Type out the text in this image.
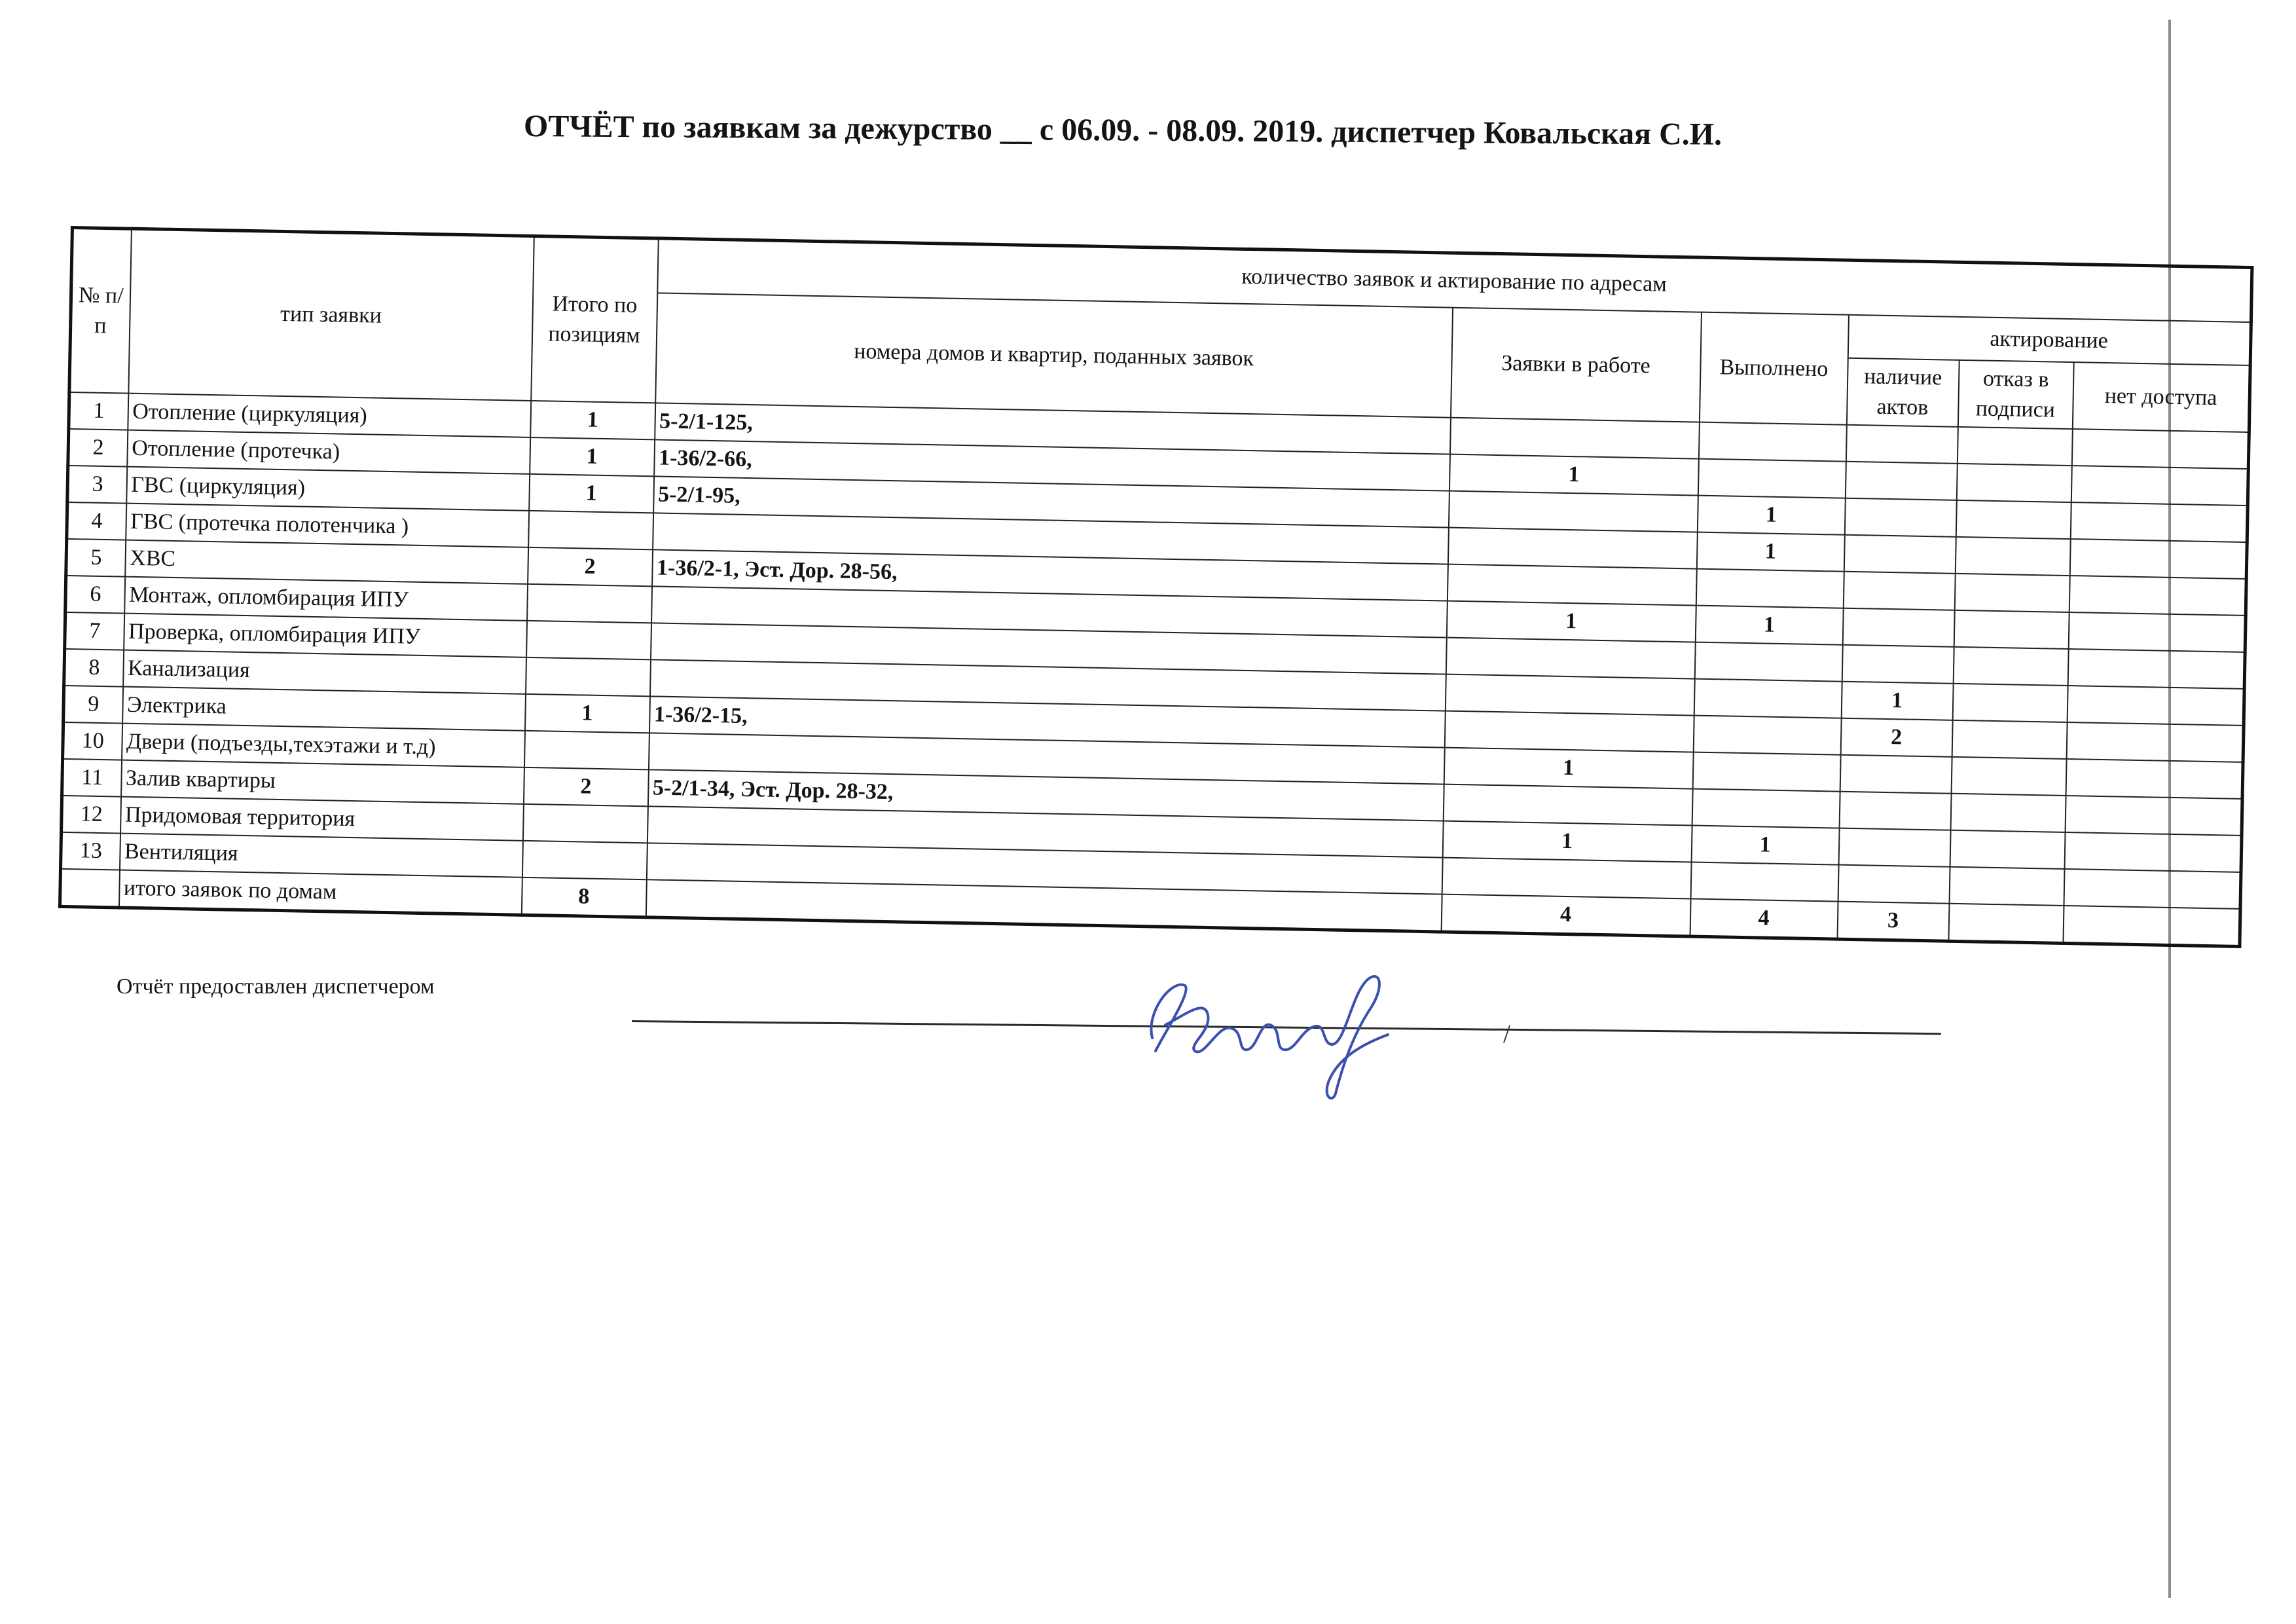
ОТЧЁТ по заявкам за дежурство __ с 06.09. - 08.09. 2019. диспетчер Ковальская С.И.
№ п/п	тип заявки	Итого по позициям	количество заявок и актирование по адресам					
			номера домов и квартир, поданных заявок	Заявки в работе	Выполнено	актирование		
						наличие актов	отказ в подписи	нет доступа
1	Отопление (циркуляция)	1	5-2/1-125,					
2	Отопление (протечка)	1	1-36/2-66,	1				
3	ГВС (циркуляция)	1	5-2/1-95,		1			
4	ГВС (протечка полотенчика )				1			
5	ХВС	2	1-36/2-1, Эст. Дор. 28-56,					
6	Монтаж, опломбирация ИПУ			1	1			
7	Проверка, опломбирация ИПУ							
8	Канализация					1		
9	Электрика	1	1-36/2-15,			2		
10	Двери (подъезды,техэтажи и т.д)			1				
11	Залив квартиры	2	5-2/1-34, Эст. Дор. 28-32,					
12	Придомовая территория			1	1			
13	Вентиляция							
	итого заявок по домам	8		4	4	3		
Отчёт предоставлен диспетчером
/
